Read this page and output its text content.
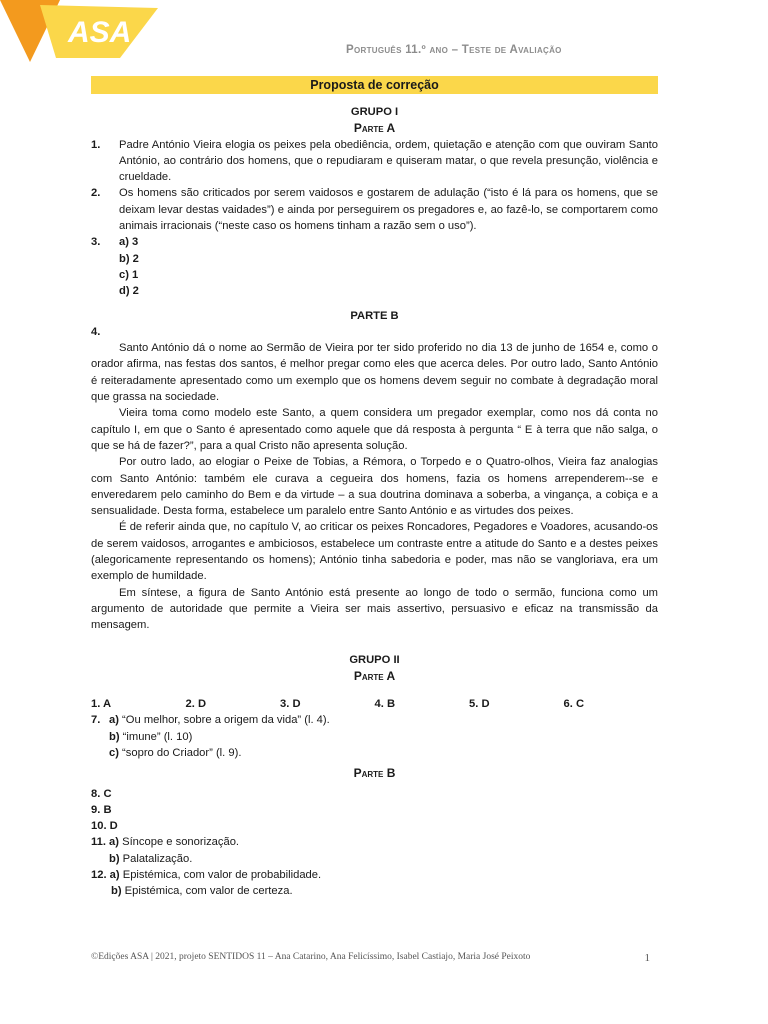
ASA
Português 11.º ano – Teste de Avaliação
Proposta de correção
GRUPO I
Parte A
1.	Padre António Vieira elogia os peixes pela obediência, ordem, quietação e atenção com que ouviram Santo António, ao contrário dos homens, que o repudiaram e quiseram matar, o que revela presunção, violência e crueldade.
2.	Os homens são criticados por serem vaidosos e gostarem de adulação (“isto é lá para os homens, que se deixam levar destas vaidades”) e ainda por perseguirem os pregadores e, ao fazê-lo, se comportarem como animais irracionais (“neste caso os homens tinham a razão sem o uso”).
3.	a) 3
b) 2
c) 1
d) 2
PARTE B
4.

Santo António dá o nome ao Sermão de Vieira por ter sido proferido no dia 13 de junho de 1654 e, como o orador afirma, nas festas dos santos, é melhor pregar como eles que acerca deles. Por outro lado, Santo António é reiteradamente apresentado como um exemplo que os homens devem seguir no combate à degradação moral que grassa na sociedade.

Vieira toma como modelo este Santo, a quem considera um pregador exemplar, como nos dá conta no capítulo I, em que o Santo é apresentado como aquele que dá resposta à pergunta “ E à terra que não salga, o que se há de fazer?”, para a qual Cristo não apresenta solução.

Por outro lado, ao elogiar o Peixe de Tobias, a Rémora, o Torpedo e o Quatro-olhos, Vieira faz analogias com Santo António: também ele curava a cegueira dos homens, fazia os homens arrependerem--se e enveredarem pelo caminho do Bem e da virtude – a sua doutrina dominava a soberba, a vingança, a cobiça e a sensualidade. Desta forma, estabelece um paralelo entre Santo António e as virtudes dos peixes.

É de referir ainda que, no capítulo V, ao criticar os peixes Roncadores, Pegadores e Voadores, acusando-os de serem vaidosos, arrogantes e ambiciosos, estabelece um contraste entre a atitude do Santo e a destes peixes (alegoricamente representando os homens); António tinha sabedoria e poder, mas não se vangloriava, era um exemplo de humildade.

Em síntese, a figura de Santo António está presente ao longo de todo o sermão, funciona como um argumento de autoridade que permite a Vieira ser mais assertivo, persuasivo e eficaz na transmissão da mensagem.

GRUPO II
Parte A
1. A	2. D	3. D	4. B	5. D	6. C
7. a) “Ou melhor, sobre a origem da vida” (l. 4).
b) “imune” (l. 10)
c) “sopro do Criador” (l. 9).
Parte B
8. C
9. B
10. D
11. a) Síncope e sonorização.
b) Palatalização.
12. a) Epistémica, com valor de probabilidade.
b) Epistémica, com valor de certeza.
©Edições ASA | 2021, projeto SENTIDOS 11 – Ana Catarino, Ana Felicíssimo, Isabel Castiajo, Maria José Peixoto	1
